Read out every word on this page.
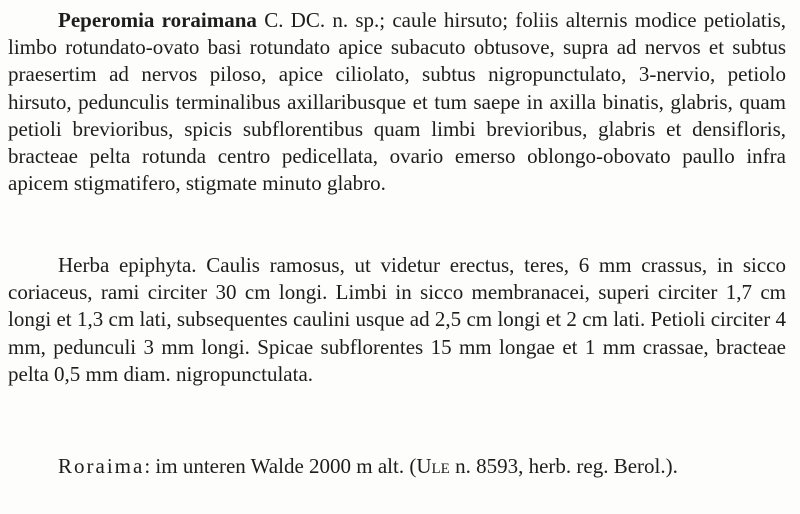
Peperomia roraimana C. DC. n. sp.; caule hirsuto; foliis alternis modice petiolatis, limbo rotundato-ovato basi rotundato apice subacuto obtusove, supra ad nervos et subtus praesertim ad nervos piloso, apice ciliolato, subtus nigropunctulato, 3-nervio, petiolo hirsuto, pedunculis terminalibus axillaribusque et tum saepe in axilla binatis, glabris, quam petioli brevioribus, spicis subflorentibus quam limbi brevioribus, glabris et densifloris, bracteae pelta rotunda centro pedicellata, ovario emerso oblongo-obovato paullo infra apicem stigmatifero, stigmate minuto glabro.

Herba epiphyta. Caulis ramosus, ut videtur erectus, teres, 6 mm crassus, in sicco coriaceus, rami circiter 30 cm longi. Limbi in sicco membranacei, superi circiter 1,7 cm longi et 1,3 cm lati, subsequentes caulini usque ad 2,5 cm longi et 2 cm lati. Petioli circiter 4 mm, pedunculi 3 mm longi. Spicae subflorentes 15 mm longae et 1 mm crassae, bracteae pelta 0,5 mm diam. nigropunctulata.

Roraima: im unteren Walde 2000 m alt. (Ule n. 8593, herb. reg. Berol.).
